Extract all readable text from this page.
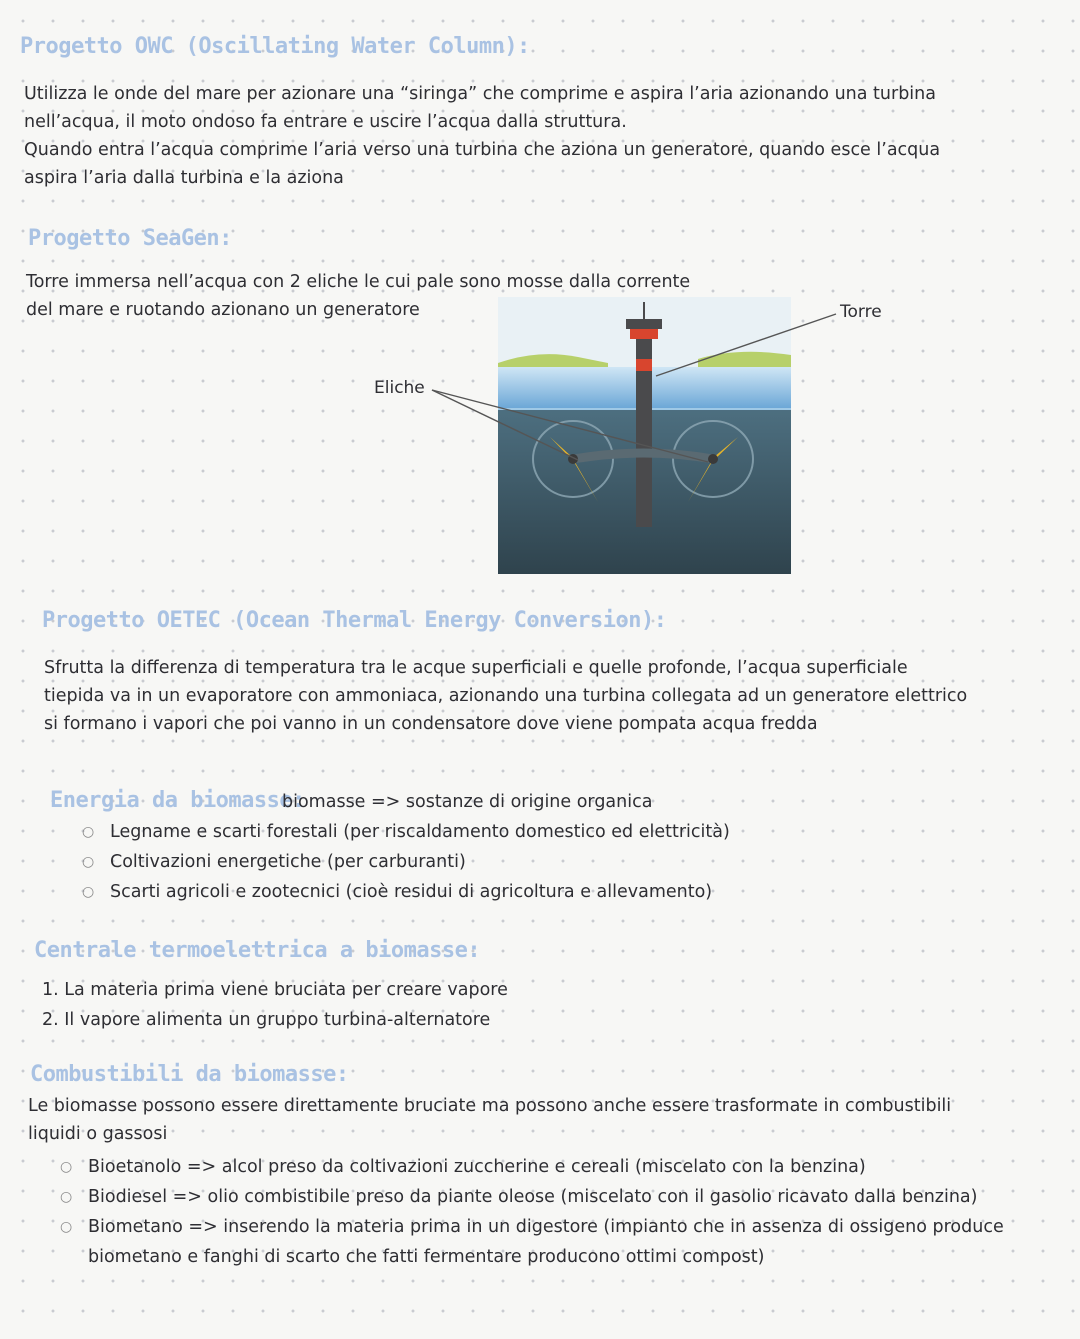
Progetto OWC (Oscillating Water Column):

Utilizza le onde del mare per azionare una “siringa” che comprime e aspira l’aria azionando una turbina
nell’acqua, il moto ondoso fa entrare e uscire l’acqua dalla struttura.
Quando entra l’acqua comprime l’aria verso una turbina che aziona un generatore, quando esce l’acqua
aspira l’aria dalla turbina e la aziona

Progetto SeaGen:

Torre immersa nell’acqua con 2 eliche le cui pale sono mosse dalla corrente
del mare e ruotando azionano un generatore	Torre
Eliche
Progetto OETEC (Ocean Thermal Energy Conversion):

Sfrutta la differenza di temperatura tra le acque superficiali e quelle profonde, l’acqua superficiale
tiepida va in un evaporatore con ammoniaca, azionando una turbina collegata ad un generatore elettrico
si formano i vapori che poi vanno in un condensatore dove viene pompata acqua fredda

Energia da biomasse:
biomasse => sostanze di origine organica
○ Legname e scarti forestali (per riscaldamento domestico ed elettricità)
○ Coltivazioni energetiche (per carburanti)
○ Scarti agricoli e zootecnici (cioè residui di agricoltura e allevamento)
Centrale termoelettrica a biomasse:
1. La materia prima viene bruciata per creare vapore
2. Il vapore alimenta un gruppo turbina-alternatore
Combustibili da biomasse:

Le biomasse possono essere direttamente bruciate ma possono anche essere trasformate in combustibili
liquidi o gassosi

○ Bioetanolo => alcol preso da coltivazioni zuccherine e cereali (miscelato con la benzina)
○ Biodiesel => olio combistibile preso da piante oleose (miscelato con il gasolio ricavato dalla benzina)
○ Biometano => inserendo la materia prima in un digestore (impianto che in assenza di ossigeno produce
biometano e fanghi di scarto che fatti fermentare producono ottimi compost)
